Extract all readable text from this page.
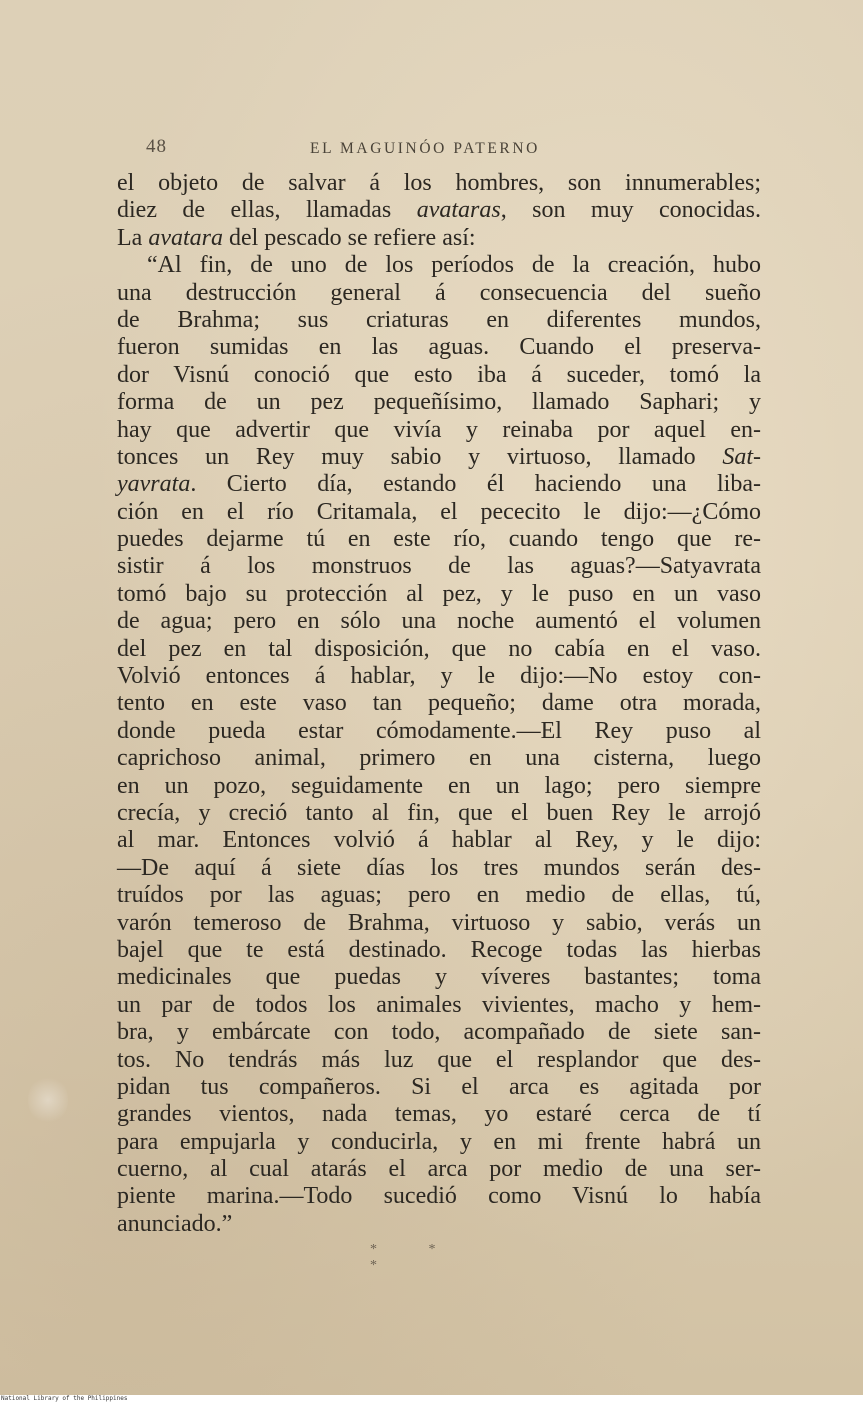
48	EL MAGUINÓO PATERNO
el objeto de salvar á los hombres, son innumerables;
diez de ellas, llamadas avataras, son muy conocidas.
La avatara del pescado se refiere así:
“Al fin, de uno de los períodos de la creación, hubo
una destrucción general á consecuencia del sueño
de Brahma; sus criaturas en diferentes mundos,
fueron sumidas en las aguas. Cuando el preserva-
dor Visnú conoció que esto iba á suceder, tomó la
forma de un pez pequeñísimo, llamado Saphari; y
hay que advertir que vivía y reinaba por aquel en-
tonces un Rey muy sabio y virtuoso, llamado Sat-
yavrata. Cierto día, estando él haciendo una liba-
ción en el río Critamala, el pececito le dijo:—¿Cómo
puedes dejarme tú en este río, cuando tengo que re-
sistir á los monstruos de las aguas?—Satyavrata
tomó bajo su protección al pez, y le puso en un vaso
de agua; pero en sólo una noche aumentó el volumen
del pez en tal disposición, que no cabía en el vaso.
Volvió entonces á hablar, y le dijo:—No estoy con-
tento en este vaso tan pequeño; dame otra morada,
donde pueda estar cómodamente.—El Rey puso al
caprichoso animal, primero en una cisterna, luego
en un pozo, seguidamente en un lago; pero siempre
crecía, y creció tanto al fin, que el buen Rey le arrojó
al mar. Entonces volvió á hablar al Rey, y le dijo:
—De aquí á siete días los tres mundos serán des-
truídos por las aguas; pero en medio de ellas, tú,
varón temeroso de Brahma, virtuoso y sabio, verás un
bajel que te está destinado. Recoge todas las hierbas
medicinales que puedas y víveres bastantes; toma
un par de todos los animales vivientes, macho y hem-
bra, y embárcate con todo, acompañado de siete san-
tos. No tendrás más luz que el resplandor que des-
pidan tus compañeros. Si el arca es agitada por
grandes vientos, nada temas, yo estaré cerca de tí
para empujarla y conducirla, y en mi frente habrá un
cuerno, al cual atarás el arca por medio de una ser-
piente marina.—Todo sucedió como Visnú lo había
anunciado.”
* * *
National Library of the Philippines
